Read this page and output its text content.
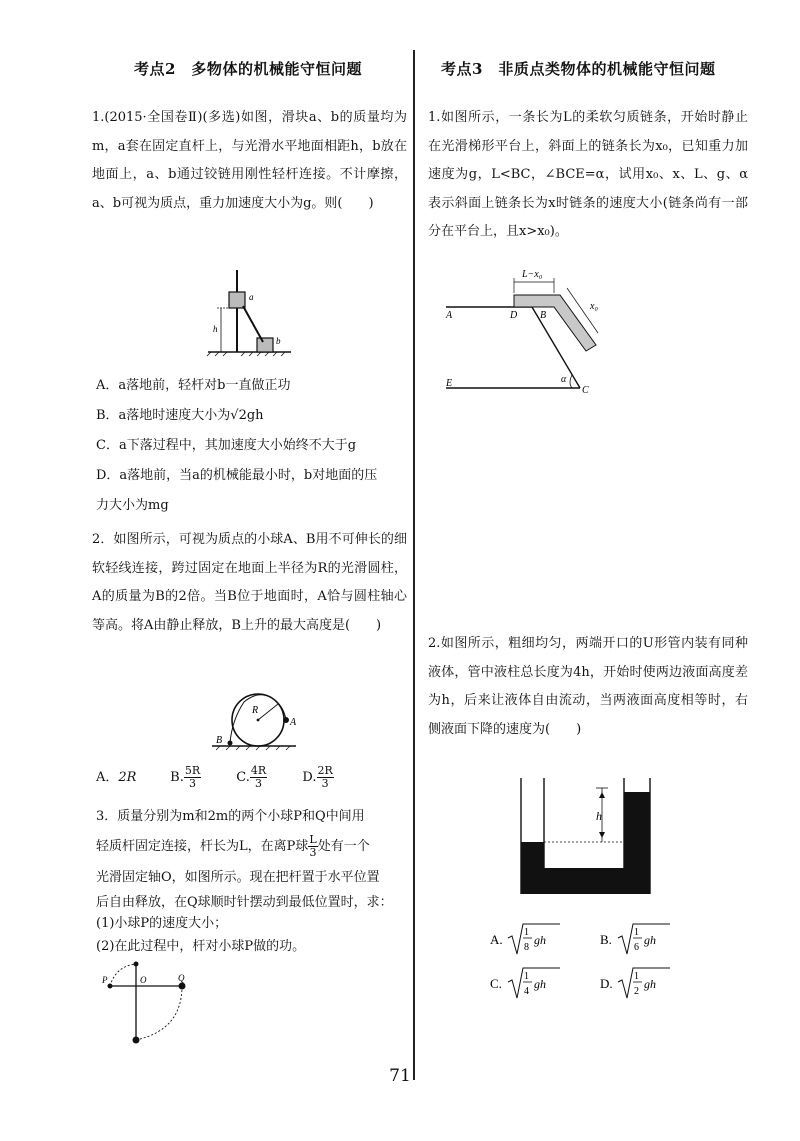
考点2　多物体的机械能守恒问题
1.(2015·全国卷Ⅱ)(多选)如图，滑块a、b的质量均为m，a套在固定直杆上，与光滑水平地面相距h，b放在地面上，a、b通过铰链用刚性轻杆连接。不计摩擦，a、b可视为质点，重力加速度大小为g。则(　　)
a
b
h
A．a落地前，轻杆对b一直做正功
B．a落地时速度大小为√2gh
C．a下落过程中，其加速度大小始终不大于g
D．a落地前，当a的机械能最小时，b对地面的压
力大小为mg
2．如图所示，可视为质点的小球A、B用不可伸长的细软轻线连接，跨过固定在地面上半径为R的光滑圆柱，A的质量为B的2倍。当B位于地面时，A恰与圆柱轴心等高。将A由静止释放，B上升的最大高度是(　　)
R
A
B
A．2R	B. $\frac{5R}{3}$	C. $\frac{4R}{3}$	D. $\frac{2R}{3}$
3．质量分别为m和2m的两个小球P和Q中间用
轻质杆固定连接，杆长为L，在离P球 $\frac{L}{3}$ 处有一个
光滑固定轴O，如图所示。现在把杆置于水平位置
后自由释放，在Q球顺时针摆动到最低位置时，求：
(1)小球P的速度大小；
(2)在此过程中，杆对小球P做的功。
P	O	Q
考点3　非质点类物体的机械能守恒问题
1.如图所示，一条长为L的柔软匀质链条，开始时静止在光滑梯形平台上，斜面上的链条长为x₀，已知重力加速度为g，L<BC，∠BCE=α，试用x₀、x、L、g、α表示斜面上链条长为x时链条的速度大小(链条尚有一部分在平台上，且x>x₀)。
L−x₀
x₀
A	D B
E
C
α
2.如图所示，粗细均匀，两端开口的U形管内装有同种液体，管中液柱总长度为4h，开始时使两边液面高度差为h，后来让液体自由流动，当两液面高度相等时，右侧液面下降的速度为(　　)
h
A. 1
8
gh	B. 1
6
gh
C. 1
4
gh	D. 1
2
gh
71
